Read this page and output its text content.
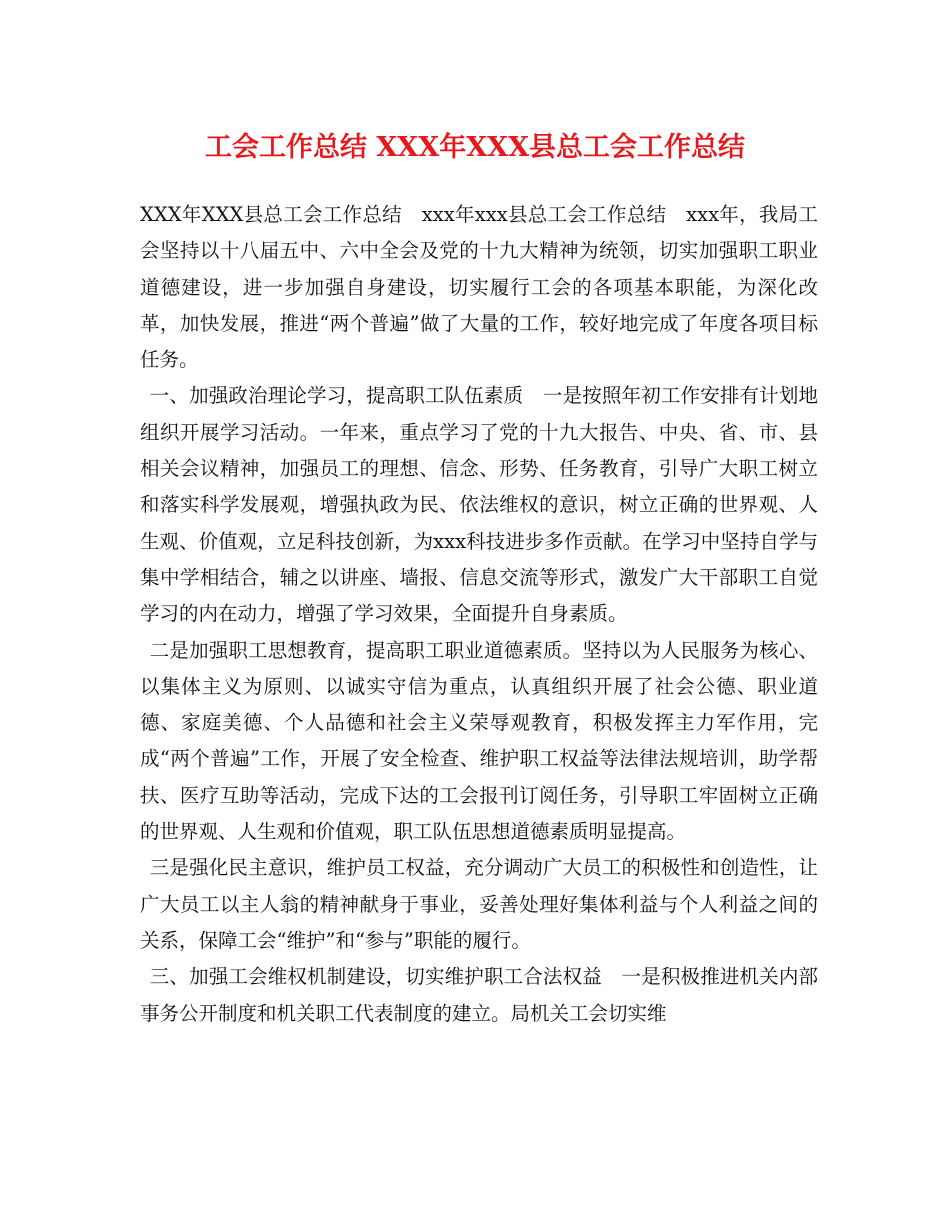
工会工作总结 XXX年XXX县总工会工作总结

XXX年XXX县总工会工作总结　xxx年xxx县总工会工作总结　xxx年，我局工会坚持以十八届五中、六中全会及党的十九大精神为统领，切实加强职工职业道德建设，进一步加强自身建设，切实履行工会的各项基本职能，为深化改革，加快发展，推进“两个普遍”做了大量的工作，较好地完成了年度各项目标任务。

一、加强政治理论学习，提高职工队伍素质　一是按照年初工作安排有计划地组织开展学习活动。一年来，重点学习了党的十九大报告、中央、省、市、县相关会议精神，加强员工的理想、信念、形势、任务教育，引导广大职工树立和落实科学发展观，增强执政为民、依法维权的意识，树立正确的世界观、人生观、价值观，立足科技创新，为xxx科技进步多作贡献。在学习中坚持自学与集中学相结合，辅之以讲座、墙报、信息交流等形式，激发广大干部职工自觉学习的内在动力，增强了学习效果，全面提升自身素质。

二是加强职工思想教育，提高职工职业道德素质。坚持以为人民服务为核心、以集体主义为原则、以诚实守信为重点，认真组织开展了社会公德、职业道德、家庭美德、个人品德和社会主义荣辱观教育，积极发挥主力军作用，完成“两个普遍”工作，开展了安全检查、维护职工权益等法律法规培训，助学帮扶、医疗互助等活动，完成下达的工会报刊订阅任务，引导职工牢固树立正确的世界观、人生观和价值观，职工队伍思想道德素质明显提高。

三是强化民主意识，维护员工权益，充分调动广大员工的积极性和创造性，让广大员工以主人翁的精神献身于事业，妥善处理好集体利益与个人利益之间的关系，保障工会“维护”和“参与”职能的履行。

三、加强工会维权机制建设，切实维护职工合法权益　一是积极推进机关内部事务公开制度和机关职工代表制度的建立。局机关工会切实维
